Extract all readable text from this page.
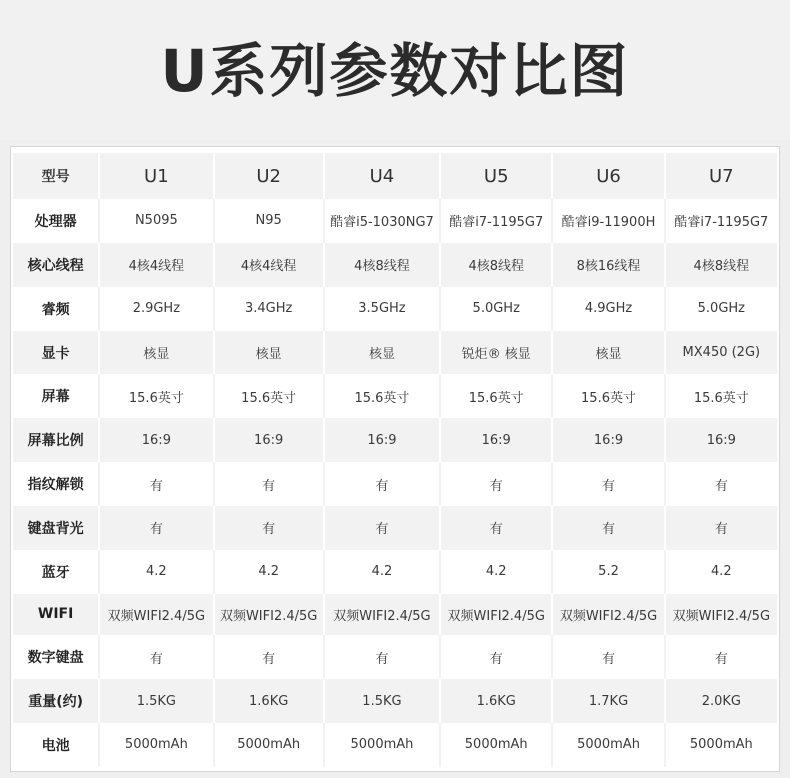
U系列参数对比图
型号	U1	U2	U4	U5	U6	U7
处理器	N5095	N95	酷睿i5-1030NG7	酷睿i7-1195G7	酷睿i9-11900H	酷睿i7-1195G7
核心线程	4核4线程	4核4线程	4核8线程	4核8线程	8核16线程	4核8线程
睿频	2.9GHz	3.4GHz	3.5GHz	5.0GHz	4.9GHz	5.0GHz
显卡	核显	核显	核显	锐炬® 核显	核显	MX450 (2G)
屏幕	15.6英寸	15.6英寸	15.6英寸	15.6英寸	15.6英寸	15.6英寸
屏幕比例	16:9	16:9	16:9	16:9	16:9	16:9
指纹解锁	有	有	有	有	有	有
键盘背光	有	有	有	有	有	有
蓝牙	4.2	4.2	4.2	4.2	5.2	4.2
WIFI	双频WIFI2.4/5G	双频WIFI2.4/5G	双频WIFI2.4/5G	双频WIFI2.4/5G	双频WIFI2.4/5G	双频WIFI2.4/5G
数字键盘	有	有	有	有	有	有
重量(约)	1.5KG	1.6KG	1.5KG	1.6KG	1.7KG	2.0KG
电池	5000mAh	5000mAh	5000mAh	5000mAh	5000mAh	5000mAh
